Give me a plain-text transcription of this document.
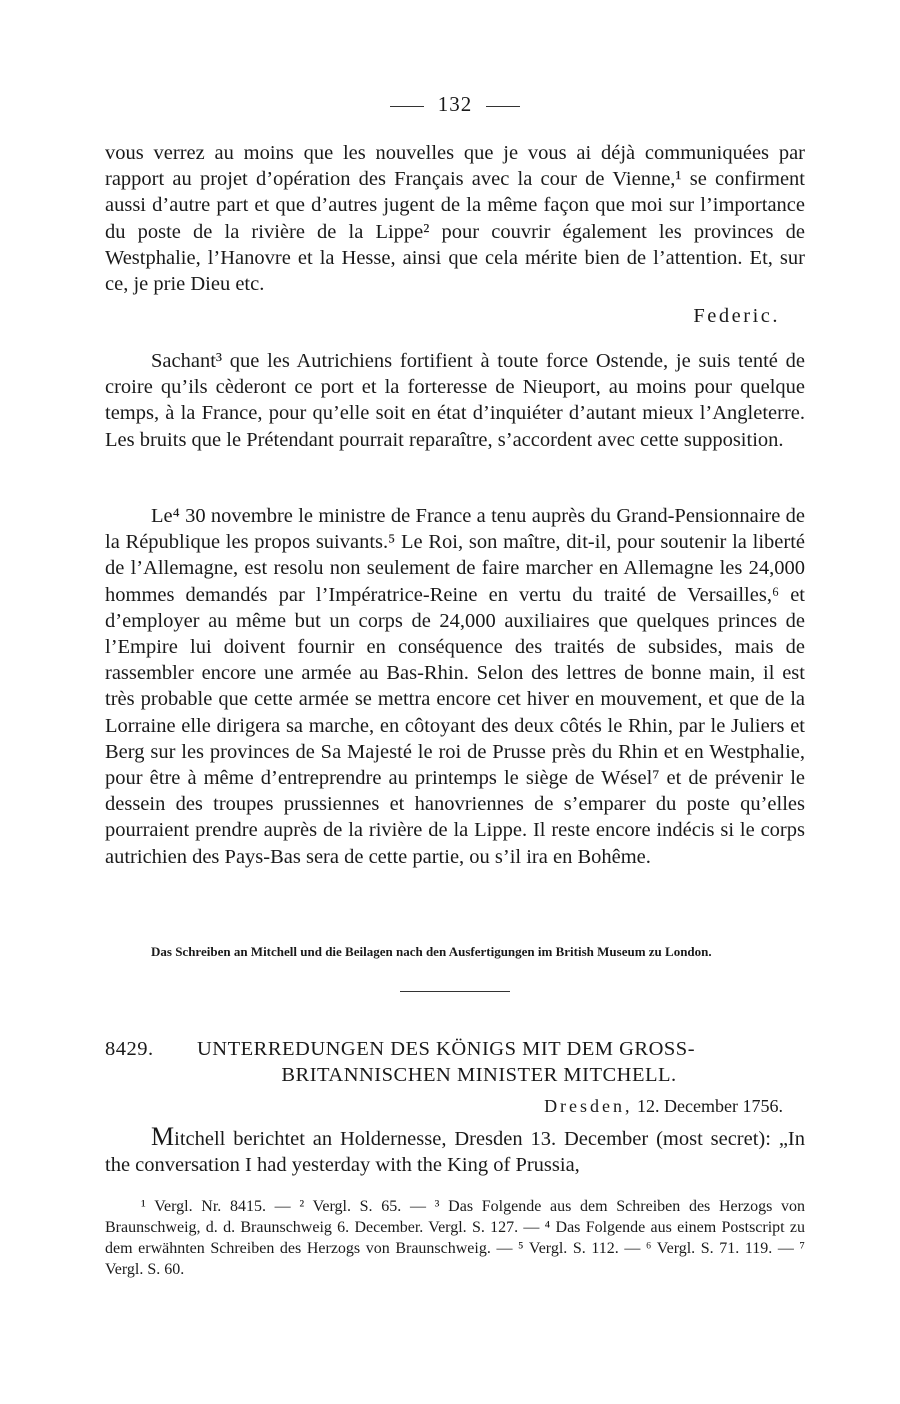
132

vous verrez au moins que les nouvelles que je vous ai déjà communiquées par rapport au projet d’opération des Français avec la cour de Vienne,¹ se confirment aussi d’autre part et que d’autres jugent de la même façon que moi sur l’importance du poste de la rivière de la Lippe² pour couvrir également les provinces de Westphalie, l’Hanovre et la Hesse, ainsi que cela mérite bien de l’attention. Et, sur ce, je prie Dieu etc.

Federic.

Sachant³ que les Autrichiens fortifient à toute force Ostende, je suis tenté de croire qu’ils cèderont ce port et la forteresse de Nieuport, au moins pour quelque temps, à la France, pour qu’elle soit en état d’inquiéter d’autant mieux l’Angleterre. Les bruits que le Prétendant pourrait reparaître, s’accordent avec cette supposition.

Le⁴ 30 novembre le ministre de France a tenu auprès du Grand-Pensionnaire de la République les propos suivants.⁵ Le Roi, son maître, dit-il, pour soutenir la liberté de l’Allemagne, est resolu non seulement de faire marcher en Allemagne les 24,000 hommes demandés par l’Impératrice-Reine en vertu du traité de Versailles,⁶ et d’employer au même but un corps de 24,000 auxiliaires que quelques princes de l’Empire lui doivent fournir en conséquence des traités de subsides, mais de rassembler encore une armée au Bas-Rhin. Selon des lettres de bonne main, il est très probable que cette armée se mettra encore cet hiver en mouvement, et que de la Lorraine elle dirigera sa marche, en côtoyant des deux côtés le Rhin, par le Juliers et Berg sur les provinces de Sa Majesté le roi de Prusse près du Rhin et en Westphalie, pour être à même d’entreprendre au printemps le siège de Wésel⁷ et de prévenir le dessein des troupes prussiennes et hanovriennes de s’emparer du poste qu’elles pourraient prendre auprès de la rivière de la Lippe. Il reste encore indécis si le corps autrichien des Pays-Bas sera de cette partie, ou s’il ira en Bohême.

Das Schreiben an Mitchell und die Beilagen nach den Ausfertigungen im British Museum zu London.

8429. UNTERREDUNGEN DES KÖNIGS MIT DEM GROSS-
BRITANNISCHEN MINISTER MITCHELL.
Dresden, 12. December 1756.

Mitchell berichtet an Holdernesse, Dresden 13. December (most secret): „In the conversation I had yesterday with the King of Prussia,

¹ Vergl. Nr. 8415. — ² Vergl. S. 65. — ³ Das Folgende aus dem Schreiben des Herzogs von Braunschweig, d. d. Braunschweig 6. December. Vergl. S. 127. — ⁴ Das Folgende aus einem Postscript zu dem erwähnten Schreiben des Herzogs von Braunschweig. — ⁵ Vergl. S. 112. — ⁶ Vergl. S. 71. 119. — ⁷ Vergl. S. 60.
